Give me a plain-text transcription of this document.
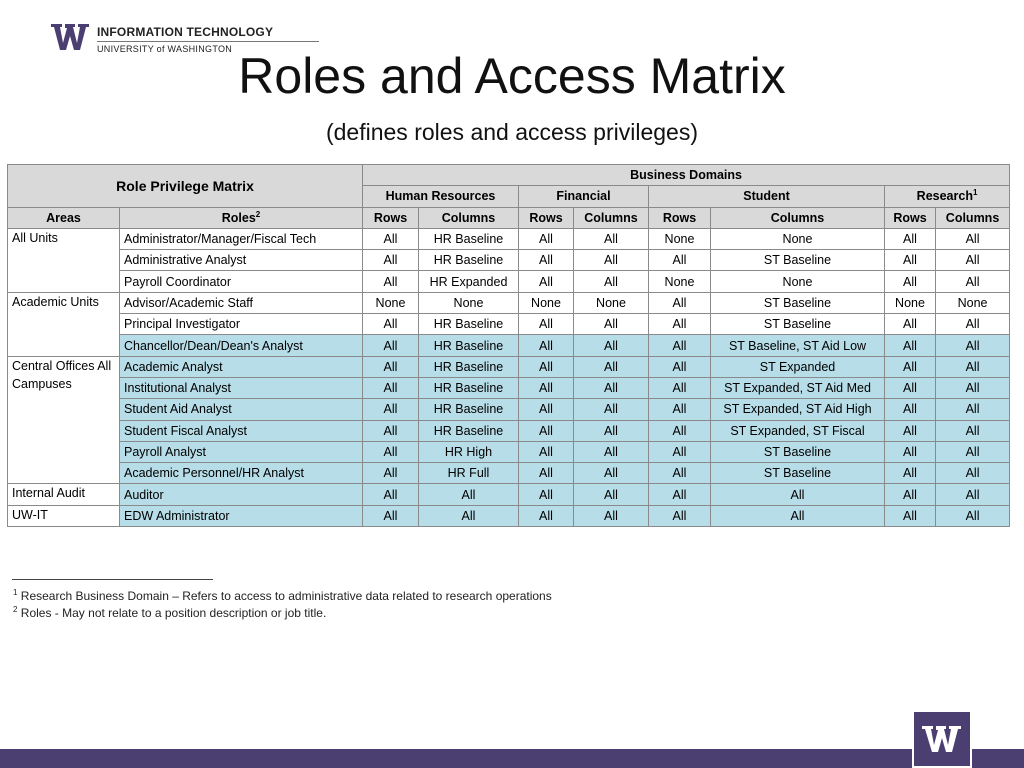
INFORMATION TECHNOLOGY
UNIVERSITY of WASHINGTON Roles and Access Matrix
(defines roles and access privileges)
Role Privilege Matrix		Business Domains							
		Human Resources		Financial		Student		Research$^1$
Areas	Roles$^2$	Rows	Columns	Rows	Columns	Rows	Columns	Rows	Columns
All Units	Administrator/Manager/Fiscal Tech	All	HR Baseline	All	All	None	None	All	All
	Administrative Analyst	All	HR Baseline	All	All	All	ST Baseline	All	All
	Payroll Coordinator	All	HR Expanded	All	All	None	None	All	All
Academic Units	Advisor/Academic Staff	None	None	None	None	All	ST Baseline	None	None
	Principal Investigator	All	HR Baseline	All	All	All	ST Baseline	All	All
	Chancellor/Dean/Dean's Analyst	All	HR Baseline	All	All	All	ST Baseline, ST Aid Low	All	All
Central Offices All Campuses	Academic Analyst	All	HR Baseline	All	All	All	ST Expanded	All	All
	Institutional Analyst	All	HR Baseline	All	All	All	ST Expanded, ST Aid Med	All	All
	Student Aid Analyst	All	HR Baseline	All	All	All	ST Expanded, ST Aid High	All	All
	Student Fiscal Analyst	All	HR Baseline	All	All	All	ST Expanded, ST Fiscal	All	All
	Payroll Analyst	All	HR High	All	All	All	ST Baseline	All	All
	Academic Personnel/HR Analyst	All	HR Full	All	All	All	ST Baseline	All	All
Internal Audit	Auditor	All	All	All	All	All	All	All	All
UW-IT	EDW Administrator	All	All	All	All	All	All	All	All
$^1$ Research Business Domain – Refers to access to administrative data related to research operations
$^2$ Roles - May not relate to a position description or job title.
